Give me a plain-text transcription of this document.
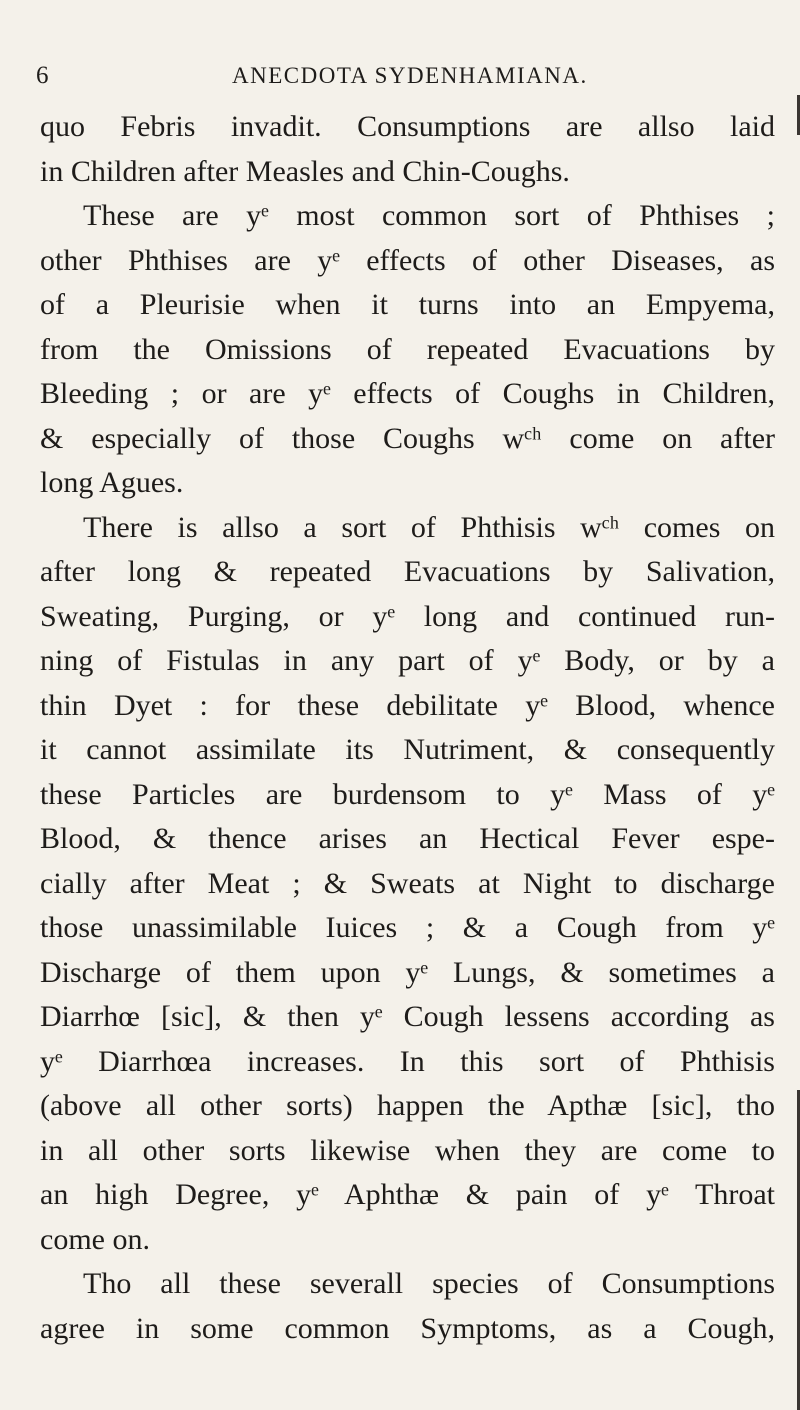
6	ANECDOTA SYDENHAMIANA.
quo Febris invadit. Consumptions are allso laid
in Children after Measles and Chin-Coughs.
These are yᵉ most common sort of Phthises ;
other Phthises are yᵉ effects of other Diseases, as
of a Pleurisie when it turns into an Empyema,
from the Omissions of repeated Evacuations by
Bleeding ; or are yᵉ effects of Coughs in Children,
& especially of those Coughs wᶜʰ come on after
long Agues.
There is allso a sort of Phthisis wᶜʰ comes on
after long & repeated Evacuations by Salivation,
Sweating, Purging, or yᵉ long and continued run-
ning of Fistulas in any part of yᵉ Body, or by a
thin Dyet : for these debilitate yᵉ Blood, whence
it cannot assimilate its Nutriment, & consequently
these Particles are burdensom to yᵉ Mass of yᵉ
Blood, & thence arises an Hectical Fever espe-
cially after Meat ; & Sweats at Night to discharge
those unassimilable Iuices ; & a Cough from yᵉ
Discharge of them upon yᵉ Lungs, & sometimes a
Diarrhœ [sic], & then yᵉ Cough lessens according as
yᵉ Diarrhœa increases. In this sort of Phthisis
(above all other sorts) happen the Apthæ [sic], tho
in all other sorts likewise when they are come to
an high Degree, yᵉ Aphthæ & pain of yᵉ Throat
come on.
Tho all these severall species of Consumptions
agree in some common Symptoms, as a Cough,
